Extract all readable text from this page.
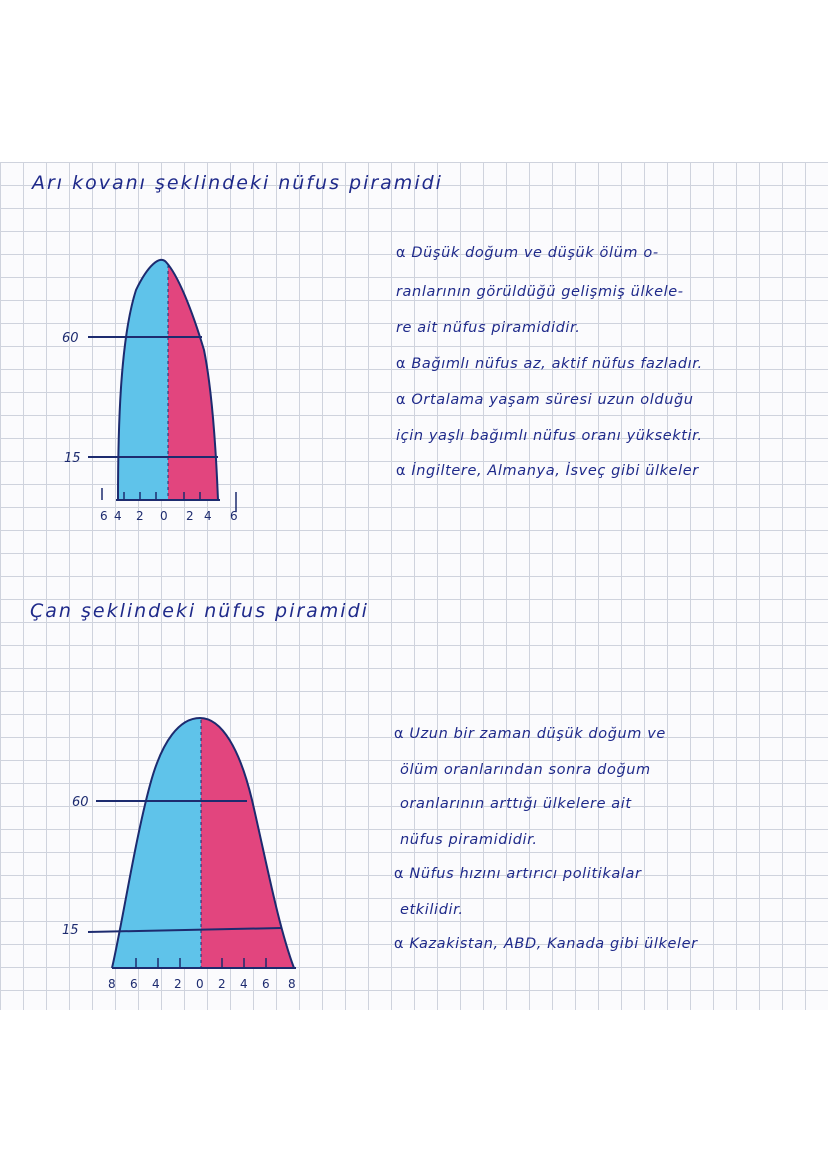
Arı kovanı şeklindeki nüfus piramidi
60
15
6 4 2 0 2 4 6
⍺ Düşük doğum ve düşük ölüm o-
ranlarının görüldüğü gelişmiş ülkele-
re ait nüfus piramididir.
⍺ Bağımlı nüfus az, aktif nüfus fazladır.
⍺ Ortalama yaşam süresi uzun olduğu
için yaşlı bağımlı nüfus oranı yüksektir.
⍺ İngiltere, Almanya, İsveç gibi ülkeler
Çan şeklindeki nüfus piramidi
60
15
8 6 4 2 0 2 4 6 8
⍺ Uzun bir zaman düşük doğum ve
ölüm oranlarından sonra doğum
oranlarının arttığı ülkelere ait
nüfus piramididir.
⍺ Nüfus hızını artırıcı politikalar
etkilidir.
⍺ Kazakistan, ABD, Kanada gibi ülkeler
